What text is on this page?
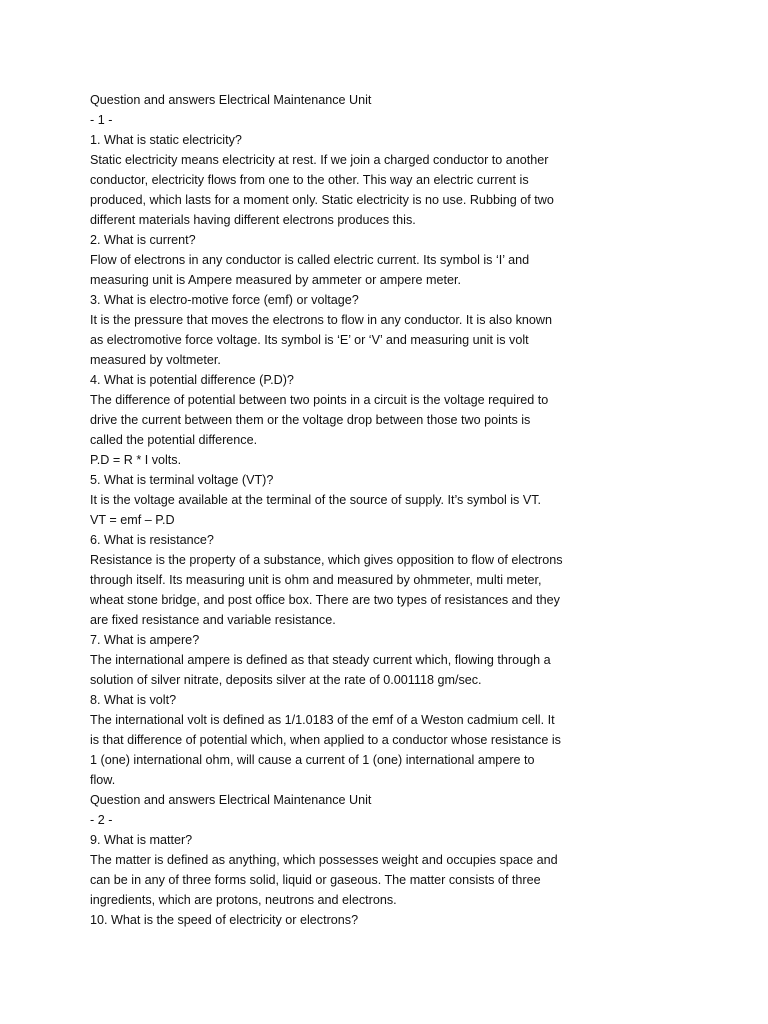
Question and answers Electrical Maintenance Unit
- 1 -
1. What is static electricity?
Static electricity means electricity at rest. If we join a charged conductor to another
conductor, electricity flows from one to the other. This way an electric current is
produced, which lasts for a moment only. Static electricity is no use. Rubbing of two
different materials having different electrons produces this.
2. What is current?
Flow of electrons in any conductor is called electric current. Its symbol is ‘I’ and
measuring unit is Ampere measured by ammeter or ampere meter.
3. What is electro-motive force (emf) or voltage?
It is the pressure that moves the electrons to flow in any conductor. It is also known
as electromotive force voltage. Its symbol is ‘E’ or ‘V’ and measuring unit is volt
measured by voltmeter.
4. What is potential difference (P.D)?
The difference of potential between two points in a circuit is the voltage required to
drive the current between them or the voltage drop between those two points is
called the potential difference.
P.D = R * I volts.
5. What is terminal voltage (VT)?
It is the voltage available at the terminal of the source of supply. It’s symbol is VT.
VT = emf – P.D
6. What is resistance?
Resistance is the property of a substance, which gives opposition to flow of electrons
through itself. Its measuring unit is ohm and measured by ohmmeter, multi meter,
wheat stone bridge, and post office box. There are two types of resistances and they
are fixed resistance and variable resistance.
7. What is ampere?
The international ampere is defined as that steady current which, flowing through a
solution of silver nitrate, deposits silver at the rate of 0.001118 gm/sec.
8. What is volt?
The international volt is defined as 1/1.0183 of the emf of a Weston cadmium cell. It
is that difference of potential which, when applied to a conductor whose resistance is
1 (one) international ohm, will cause a current of 1 (one) international ampere to
flow.
Question and answers Electrical Maintenance Unit
- 2 -
9. What is matter?
The matter is defined as anything, which possesses weight and occupies space and
can be in any of three forms solid, liquid or gaseous. The matter consists of three
ingredients, which are protons, neutrons and electrons.
10. What is the speed of electricity or electrons?
